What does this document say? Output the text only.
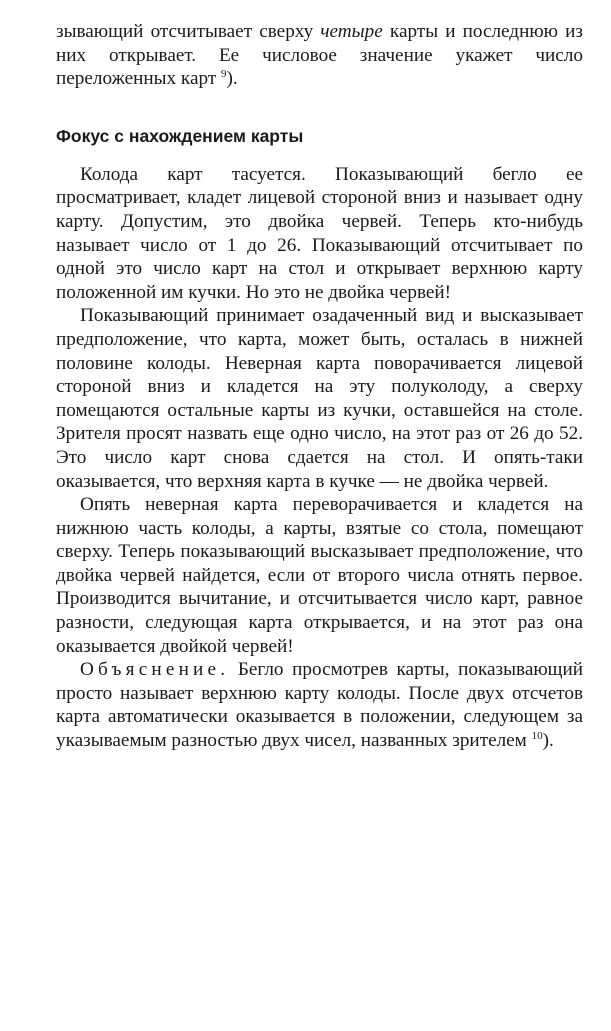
зывающий отсчитывает сверху четыре карты и последнюю из них открывает. Ее числовое значение укажет число переложенных карт $^9$).

Фокус с нахождением карты

Колода карт тасуется. Показывающий бегло ее просматривает, кладет лицевой стороной вниз и называет одну карту. Допустим, это двойка червей. Теперь кто-нибудь называет число от 1 до 26. Показывающий отсчитывает по одной это число карт на стол и открывает верхнюю карту положенной им кучки. Но это не двойка червей!

Показывающий принимает озадаченный вид и высказывает предположение, что карта, может быть, осталась в нижней половине колоды. Неверная карта поворачивается лицевой стороной вниз и кладется на эту полуколоду, а сверху помещаются остальные карты из кучки, оставшейся на столе. Зрителя просят назвать еще одно число, на этот раз от 26 до 52. Это число карт снова сдается на стол. И опять-таки оказывается, что верхняя карта в кучке — не двойка червей.

Опять неверная карта переворачивается и кладется на нижнюю часть колоды, а карты, взятые со стола, помещают сверху. Теперь показывающий высказывает предположение, что двойка червей найдется, если от второго числа отнять первое. Производится вычитание, и отсчитывается число карт, равное разности, следующая карта открывается, и на этот раз она оказывается двойкой червей!

Объяснение. Бегло просмотрев карты, показывающий просто называет верхнюю карту колоды. После двух отсчетов карта автоматически оказывается в положении, следующем за указываемым разностью двух чисел, названных зрителем $^{10}$).
